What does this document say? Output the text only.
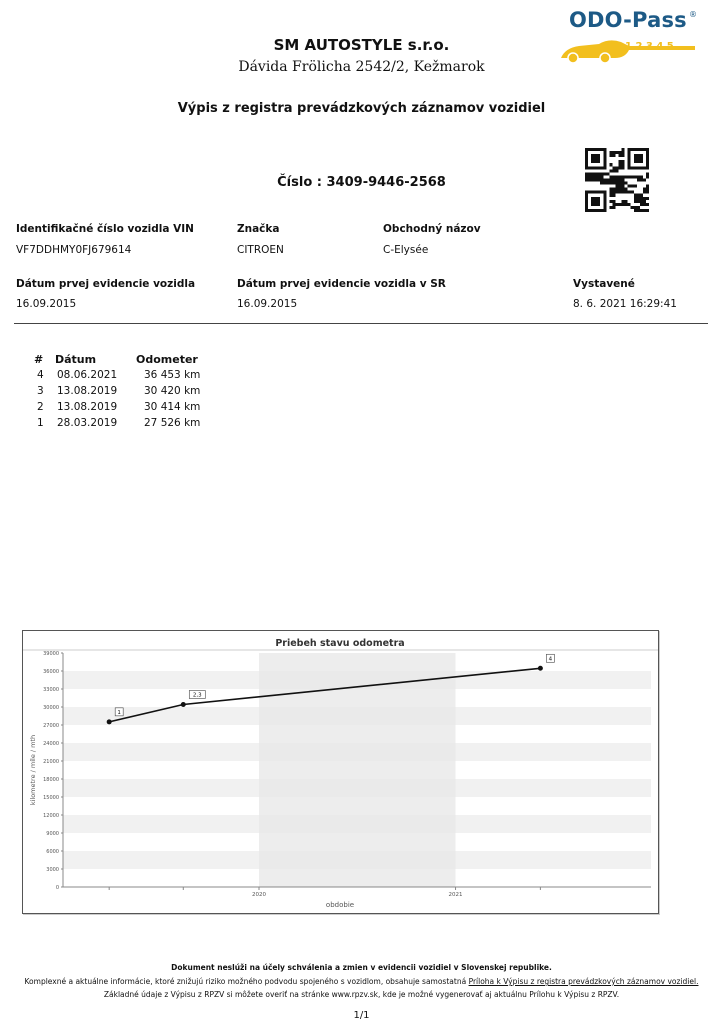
SM AUTOSTYLE s.r.o.
Dávida Frölicha 2542/2, Kežmarok
ODO-Pass ®
1 2 3 4 5
Výpis z registra prevádzkových záznamov vozidiel
Číslo : 3409-9446-2568
Identifikačné číslo vozidla VIN
VF7DDHMY0FJ679614
Značka
CITROEN
Obchodný názov
C-Elysée
Dátum prvej evidencie vozidla
16.09.2015
Dátum prvej evidencie vozidla v SR
16.09.2015
Vystavené
8. 6. 2021 16:29:41
# Dátum	Odometer
4 08.06.2021	36 453 km
3 13.08.2019	30 420 km
2 13.08.2019	30 414 km
1 28.03.2019	27 526 km
Priebeh stavu odometra
0
3000
6000
9000
12000
15000
18000
21000
24000
27000
30000
33000
36000
39000
2020	2021
obdobie
kilometre / míle / mth
1
2,3
4
Dokument neslúži na účely schválenia a zmien v evidencii vozidiel v Slovenskej republike.
Komplexné a aktuálne informácie, ktoré znižujú riziko možného podvodu spojeného s vozidlom, obsahuje samostatná Príloha k Výpisu z registra prevádzkových záznamov vozidiel.
Základné údaje z Výpisu z RPZV si môžete overiť na stránke www.rpzv.sk, kde je možné vygenerovať aj aktuálnu Prílohu k Výpisu z RPZV.
1/1
